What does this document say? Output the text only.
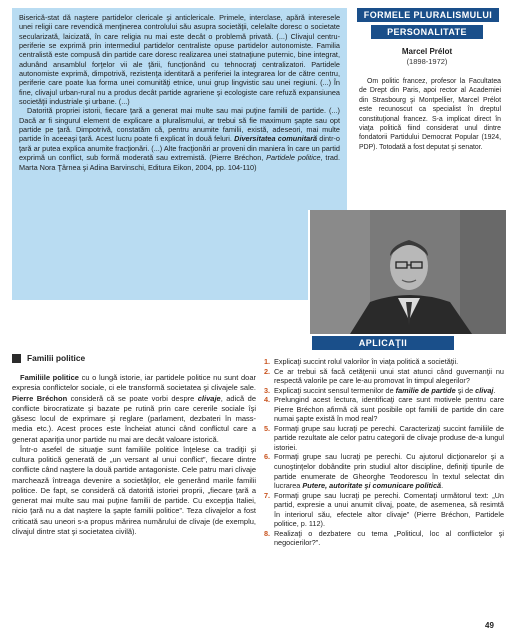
Biserică-stat dă naştere partidelor clericale şi anticlericale. Primele, interclase, apără interesele unei religii care revendică menţinerea controlului său asupra societăţii, celelalte doresc o societate secularizată, laicizată, în care religia nu mai este decât o problemă privată. (...) Clivajul centru-periferie se exprimă prin intermediul partidelor centraliste opuse partidelor autonomiste. Familia centralistă este compusă din partide care doresc realizarea unei statnaţiune puternic, bine integrat, adunând ansamblul forţelor vii ale ţării, funcţionând cu tehnocraţi centralizatori. Partidele autonomiste exprimă, dimpotrivă, rezistenţa identitară a periferiei la integrarea lor de către centru, periferie care poate lua forma unei comunităţi etnice, unui grup lingvistic sau unei regiuni. (...) În fine, clivajul urban-rural nu a produs decât partide agrariene şi ecologiste care refuză expansiunea societăţii industriale şi urbane. (...)

Datorită propriei istorii, fiecare ţară a generat mai multe sau mai puţine familii de partide. (...) Dacă ar fi singurul element de explicare a pluralismului, ar trebui să fie maximum şapte sau opt partide pe ţară. Dimpotrivă, constatăm că, pentru anumite familii, există, adeseori, mai multe partide în aceeaşi ţară. Acest lucru poate fi explicat în două feluri. Diversitatea comunitară dintr-o ţară ar putea explica anumite fracţionări. (...) Alte fracţionări ar proveni din maniera în care un partid exprimă un conflict, sub formă moderată sau extremistă. (Pierre Bréchon, Partidele politice, trad. Marta Nora Ţârnea şi Adina Barvinschi, Editura Eikon, 2004, pp. 104-110)

FORMELE PLURALISMULUI
PERSONALITATE
Marcel Prélot
(1898-1972)
Om politic francez, profesor la Facultatea de Drept din Paris, apoi rector al Academiei din Strasbourg şi Montpellier, Marcel Prélot este recunoscut ca specialist în dreptul constituţional francez. S-a implicat direct în viaţa politică fiind considerat unul dintre fondatorii Partidului Democrat Popular (1924, PDP). Totodată a fost deputat şi senator.
Familii politice

Familiile politice cu o lungă istorie, iar partidele politice nu sunt doar expresia conflictelor sociale, ci ele transformă societatea şi clivajele sale. Pierre Bréchon consideră că se poate vorbi despre clivaje, adică de conflicte birocratizate şi bazate pe rutină prin care cererile sociale îşi găsesc locul de exprimare şi reglare (parlament, dezbateri în mass-media etc.). Acest proces este încheiat atunci când conflictul care a generat apariţia unor partide nu mai are decât valoare istorică.

Într-o asefel de situaţie sunt familiile politice înţelese ca tradiţii şi cultura politică generată de „un versant al unui conflict”, fiecare dintre conflicte când naştere la două partide antagoniste. Cele patru mari clivaje marchează întreaga devenire a societăţilor, ele generând marile familii politice. De fapt, se consideră că datorită istoriei proprii, „fiecare ţară a generat mai multe sau mai puţine familii de partide. Cu excepţia Italiei, nicio ţară nu a dat naştere la şapte familii politice”. Teza clivajelor a fost criticată sau uneori s-a propus mărirea numărului de clivaje (de exemplu, clivajul dintre stat şi societatea civilă).

APLICAŢII
1. Explicaţi succint rolul valorilor în viaţa politică a societăţii.
2. Ce ar trebui să facă cetăţenii unui stat atunci când guvernanţii nu respectă valorile pe care le-au promovat în timpul alegerilor?
3. Explicaţi succint sensul termenilor de familie de partide şi de clivaj.
4. Prelungind acest lectura, identificaţi care sunt motivele pentru care Pierre Bréchon afirmă că sunt posibile opt familii de partide din care numai şapte există în mod real?
5. Formaţi grupe sau lucraţi pe perechi. Caracterizaţi succint familiile de partide rezultate ale celor patru categorii de clivaje produse de-a lungul istoriei.
6. Formaţi grupe sau lucraţi pe perechi. Cu ajutorul dicţionarelor şi a cunoştinţelor dobândite prin studiul altor discipline, definiţi tipurile de partide enumerate de Gheorghe Teodorescu în textul selectat din lucrarea Putere, autoritate şi comunicare politică.
7. Formaţi grupe sau lucraţi pe perechi. Comentaţi următorul text: „Un partid, expresie a unui anumit clivaj, poate, de asemenea, să resimtă în interiorul său, efectele altor clivaje” (Pierre Bréchon, Partidele politice, p. 112).
8. Realizaţi o dezbatere cu tema „Politicul, loc al conflictelor şi negocierilor?”.
49
